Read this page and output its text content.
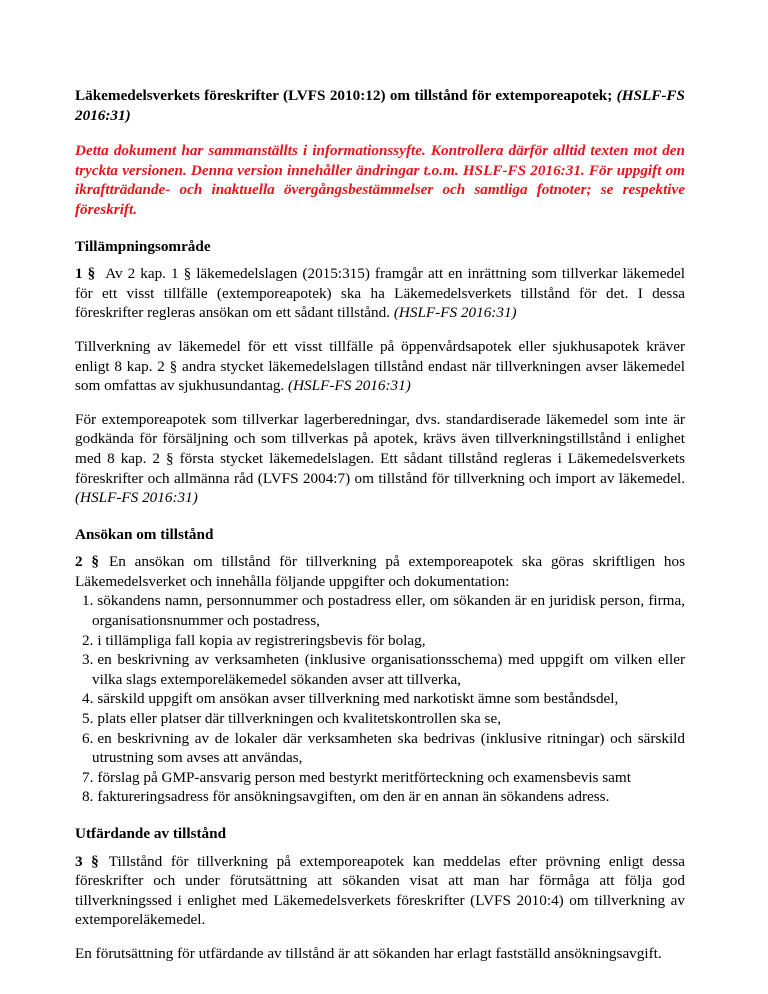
Läkemedelsverkets föreskrifter (LVFS 2010:12) om tillstånd för extemporeapotek; (HSLF-FS 2016:31)

Detta dokument har sammanställts i informationssyfte. Kontrollera därför alltid texten mot den tryckta versionen. Denna version innehåller ändringar t.o.m. HSLF-FS 2016:31. För uppgift om ikraftträdande- och inaktuella övergångsbestämmelser och samtliga fotnoter; se respektive föreskrift.

Tillämpningsområde

1 § Av 2 kap. 1 § läkemedelslagen (2015:315) framgår att en inrättning som tillverkar läkemedel för ett visst tillfälle (extemporeapotek) ska ha Läkemedelsverkets tillstånd för det. I dessa föreskrifter regleras ansökan om ett sådant tillstånd. (HSLF-FS 2016:31)

Tillverkning av läkemedel för ett visst tillfälle på öppenvårdsapotek eller sjukhusapotek kräver enligt 8 kap. 2 § andra stycket läkemedelslagen tillstånd endast när tillverkningen avser läkemedel som omfattas av sjukhusundantag. (HSLF-FS 2016:31)

För extemporeapotek som tillverkar lagerberedningar, dvs. standardiserade läkemedel som inte är godkända för försäljning och som tillverkas på apotek, krävs även tillverkningstillstånd i enlighet med 8 kap. 2 § första stycket läkemedelslagen. Ett sådant tillstånd regleras i Läkemedelsverkets föreskrifter och allmänna råd (LVFS 2004:7) om tillstånd för tillverkning och import av läkemedel. (HSLF-FS 2016:31)

Ansökan om tillstånd

2 § En ansökan om tillstånd för tillverkning på extemporeapotek ska göras skriftligen hos Läkemedelsverket och innehålla följande uppgifter och dokumentation:

1. sökandens namn, personnummer och postadress eller, om sökanden är en juridisk person, firma, organisationsnummer och postadress,
2. i tillämpliga fall kopia av registreringsbevis för bolag,
3. en beskrivning av verksamheten (inklusive organisationsschema) med uppgift om vilken eller vilka slags extemporeläkemedel sökanden avser att tillverka,
4. särskild uppgift om ansökan avser tillverkning med narkotiskt ämne som beståndsdel,
5. plats eller platser där tillverkningen och kvalitetskontrollen ska se,
6. en beskrivning av de lokaler där verksamheten ska bedrivas (inklusive ritningar) och särskild utrustning som avses att användas,
7. förslag på GMP-ansvarig person med bestyrkt meritförteckning och examensbevis samt
8. faktureringsadress för ansökningsavgiften, om den är en annan än sökandens adress.
Utfärdande av tillstånd

3 § Tillstånd för tillverkning på extemporeapotek kan meddelas efter prövning enligt dessa föreskrifter och under förutsättning att sökanden visat att man har förmåga att följa god tillverkningssed i enlighet med Läkemedelsverkets föreskrifter (LVFS 2010:4) om tillverkning av extemporeläkemedel.

En förutsättning för utfärdande av tillstånd är att sökanden har erlagt fastställd ansökningsavgift.
